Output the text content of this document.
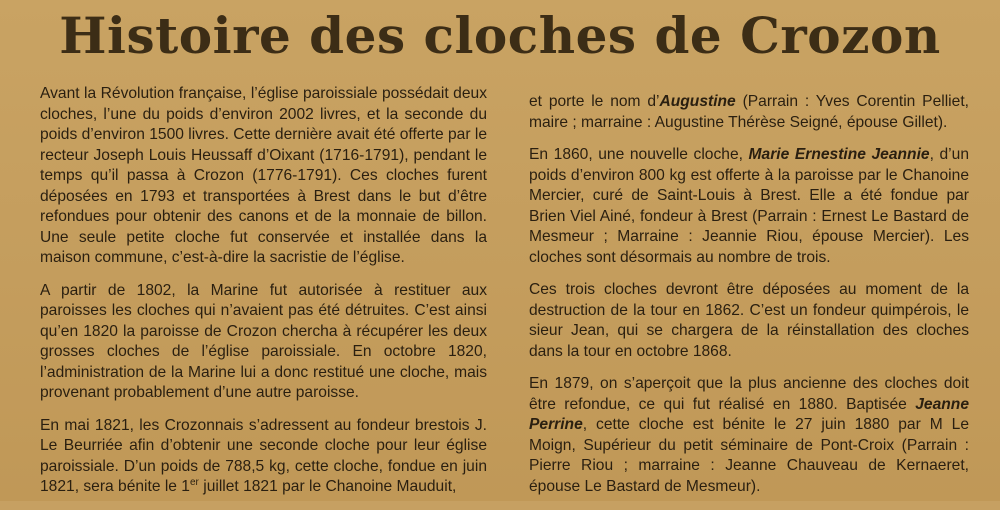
Histoire des cloches de Crozon

Avant la Révolution française, l’église paroissiale possédait deux cloches, l’une du poids d’environ 2002 livres, et la seconde du poids d’environ 1500 livres. Cette dernière avait été offerte par le recteur Joseph Louis Heussaff d’Oixant (1716-1791), pendant le temps qu’il passa à Crozon (1776-1791). Ces cloches furent déposées en 1793 et transportées à Brest dans le but d’être refondues pour obtenir des canons et de la monnaie de billon. Une seule petite cloche fut conservée et installée dans la maison commune, c’est-à-dire la sacristie de l’église.

A partir de 1802, la Marine fut autorisée à restituer aux paroisses les cloches qui n’avaient pas été détruites. C’est ainsi qu’en 1820 la paroisse de Crozon chercha à récupérer les deux grosses cloches de l’église paroissiale. En octobre 1820, l’administration de la Marine lui a donc restitué une cloche, mais provenant probablement d’une autre paroisse.

En mai 1821, les Crozonnais s’adressent au fondeur brestois J. Le Beurriée afin d’obtenir une seconde cloche pour leur église paroissiale. D’un poids de 788,5 kg, cette cloche, fondue en juin 1821, sera bénite le 1er juillet 1821 par le Chanoine Mauduit,

et porte le nom d’Augustine (Parrain : Yves Corentin Pelliet, maire ; marraine : Augustine Thérèse Seigné, épouse Gillet).

En 1860, une nouvelle cloche, Marie Ernestine Jeannie, d’un poids d’environ 800 kg est offerte à la paroisse par le Chanoine Mercier, curé de Saint-Louis à Brest. Elle a été fondue par Brien Viel Ainé, fondeur à Brest (Parrain : Ernest Le Bastard de Mesmeur ; Marraine : Jeannie Riou, épouse Mercier). Les cloches sont désormais au nombre de trois.

Ces trois cloches devront être déposées au moment de la destruction de la tour en 1862. C’est un fondeur quimpérois, le sieur Jean, qui se chargera de la réinstallation des cloches dans la tour en octobre 1868.

En 1879, on s’aperçoit que la plus ancienne des cloches doit être refondue, ce qui fut réalisé en 1880. Baptisée Jeanne Perrine, cette cloche est bénite le 27 juin 1880 par M Le Moign, Supérieur du petit séminaire de Pont-Croix (Parrain : Pierre Riou ; marraine : Jeanne Chauveau de Kernaeret, épouse Le Bastard de Mesmeur).
